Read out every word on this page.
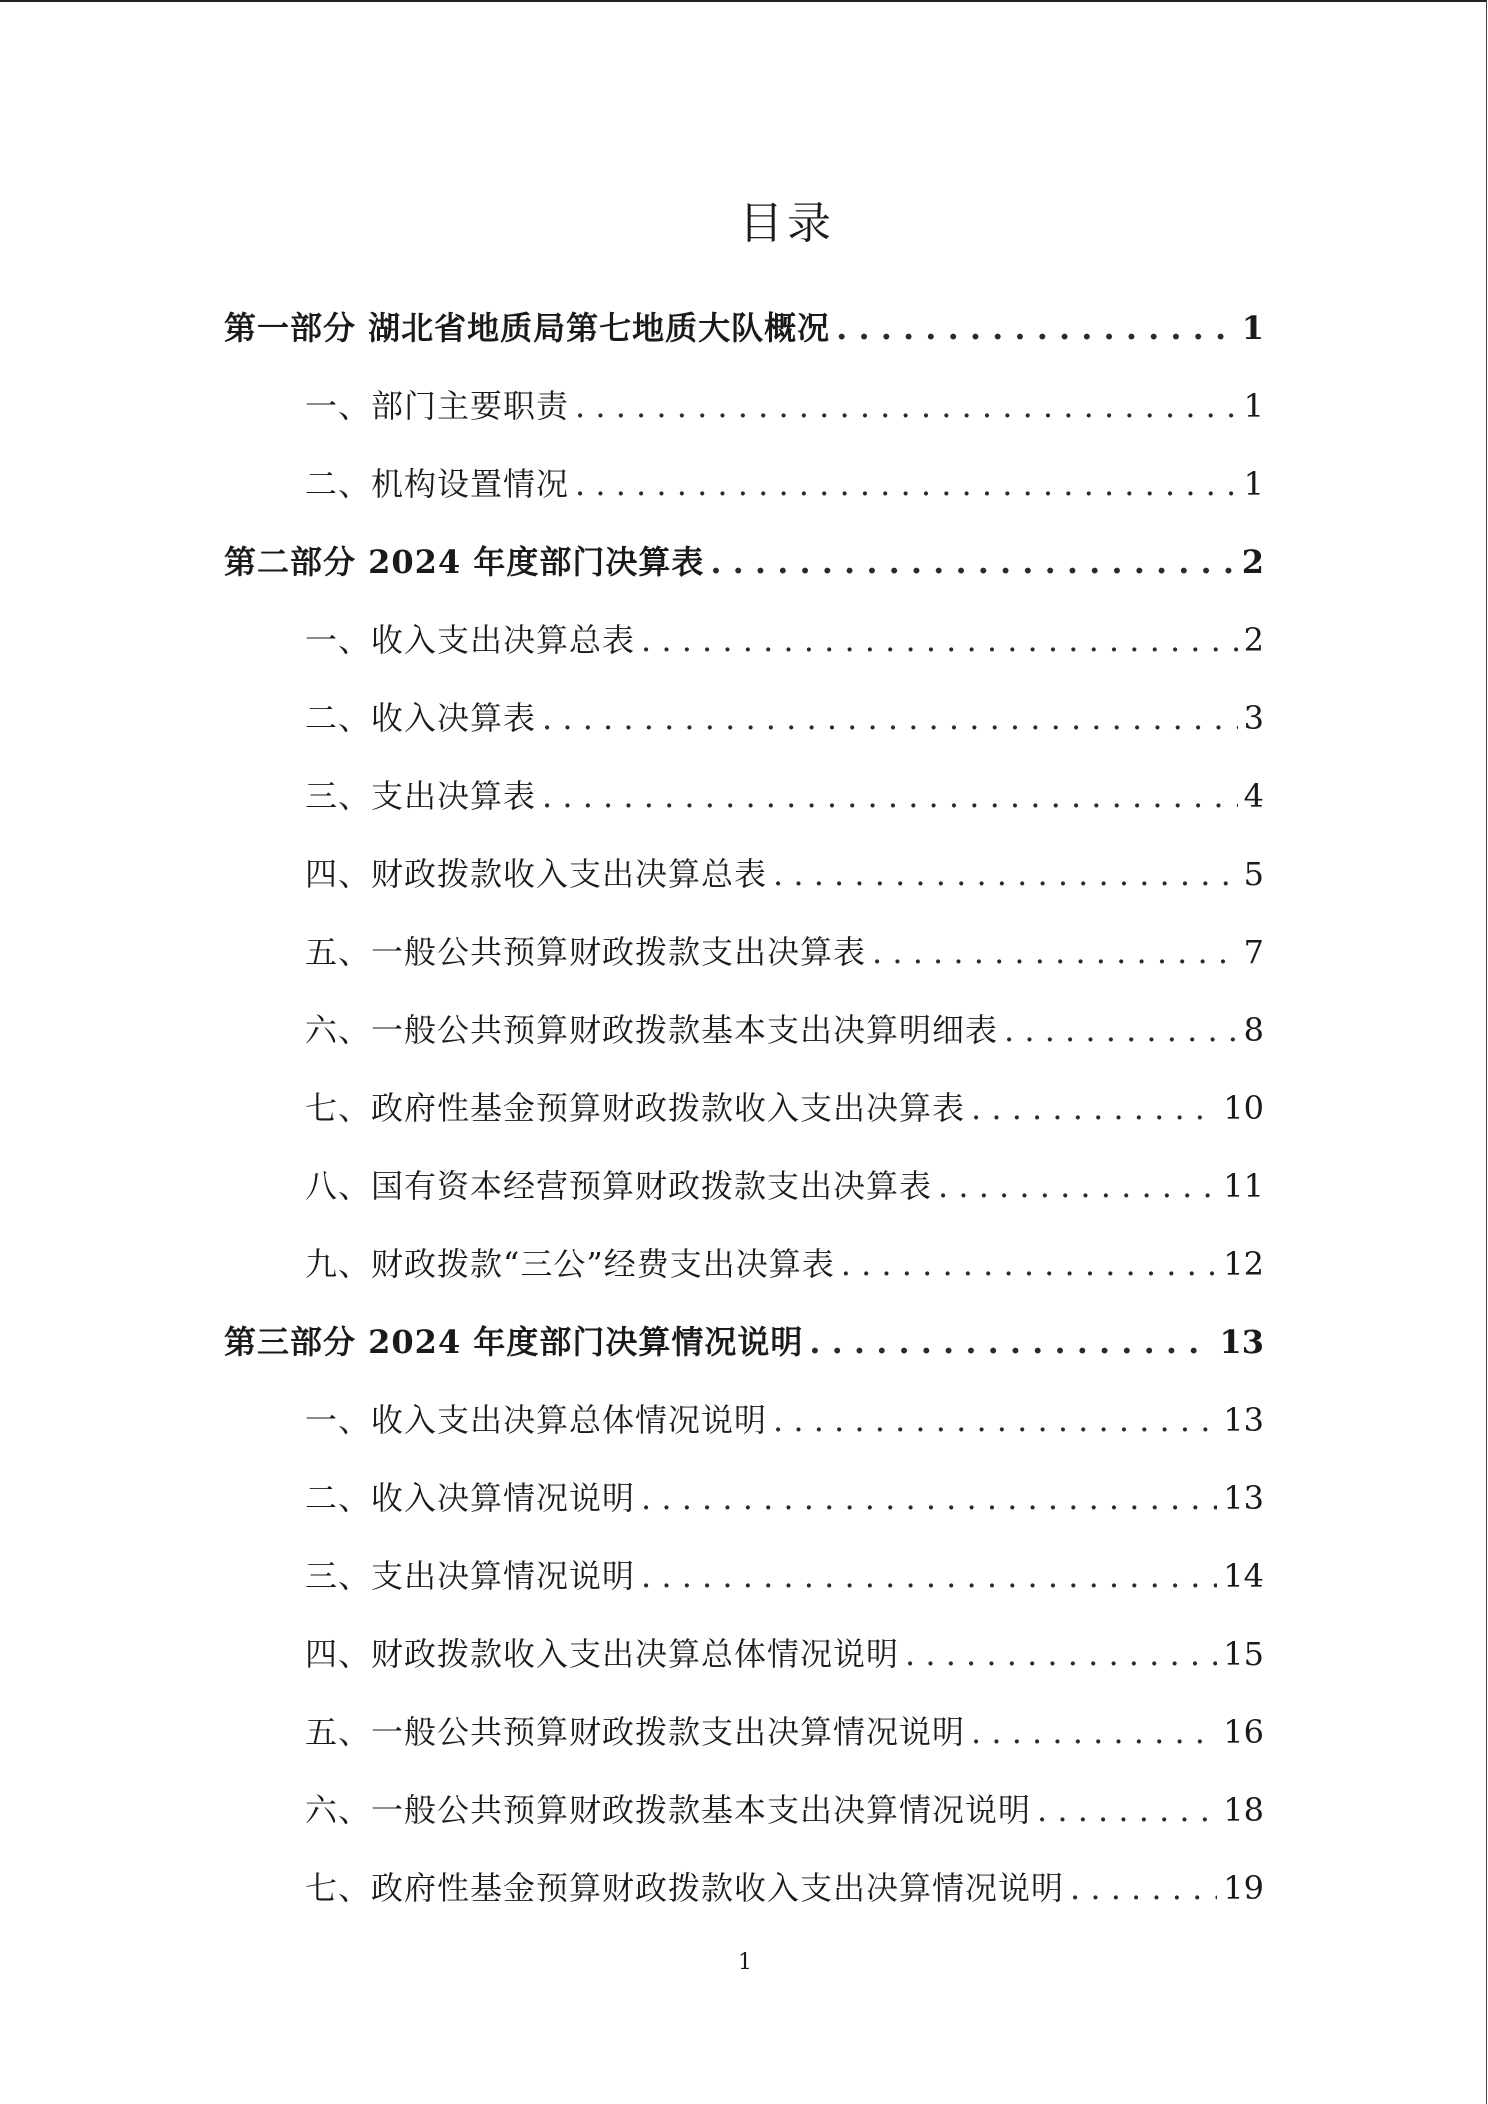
目录
第一部分 湖北省地质局第七地质大队概况 . . .	1
一、部门主要职责 . . .	1
二、机构设置情况 . . .	1
第二部分 2024 年度部门决算表 . . .	2
一、收入支出决算总表 . . .	2
二、收入决算表 . . .	3
三、支出决算表 . . .	4
四、财政拨款收入支出决算总表 . . .	5
五、一般公共预算财政拨款支出决算表 . . .	7
六、一般公共预算财政拨款基本支出决算明细表 . . .	8
七、政府性基金预算财政拨款收入支出决算表 . . .	10
八、国有资本经营预算财政拨款支出决算表 . . .	11
九、财政拨款“三公”经费支出决算表 . . .	12
第三部分 2024 年度部门决算情况说明 . . .	13
一、收入支出决算总体情况说明 . . .	13
二、收入决算情况说明 . . .	13
三、支出决算情况说明 . . .	14
四、财政拨款收入支出决算总体情况说明 . . .	15
五、一般公共预算财政拨款支出决算情况说明 . . .	16
六、一般公共预算财政拨款基本支出决算情况说明 . . .	18
七、政府性基金预算财政拨款收入支出决算情况说明 . . .	19
1
